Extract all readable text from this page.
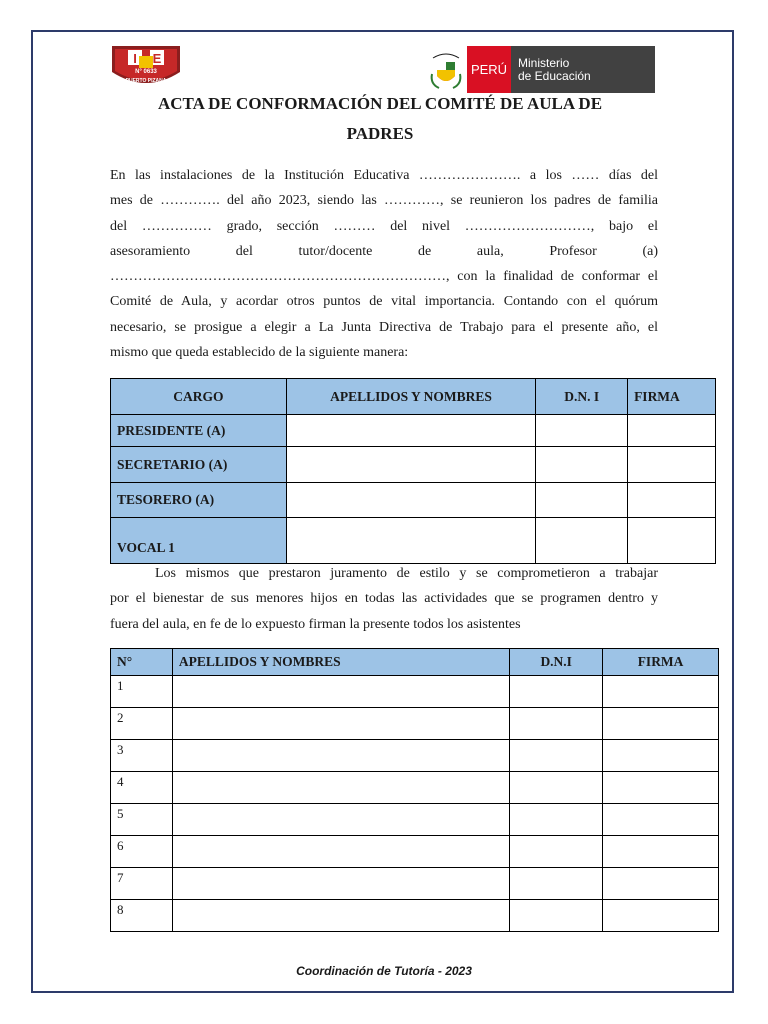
I E
N° 0633
PUERTO PIZANA
PERÚ Ministerio
de Educación
ACTA DE CONFORMACIÓN DEL COMITÉ DE AULA DE
PADRES
En las instalaciones de la Institución Educativa …………………. a los …… días del
mes de …………. del año 2023, siendo las …………, se reunieron los padres de familia
del …………… grado, sección ……… del nivel ………………………, bajo el
asesoramiento del tutor/docente de aula, Profesor (a)
………………………………………………………………, con la finalidad de conformar el
Comité de Aula, y acordar otros puntos de vital importancia. Contando con el quórum
necesario, se prosigue a elegir a La Junta Directiva de Trabajo para el presente año, el
mismo que queda establecido de la siguiente manera:
CARGO	APELLIDOS Y NOMBRES	D.N. I	FIRMA
PRESIDENTE (A)			
SECRETARIO (A)			
TESORERO (A)			
VOCAL 1			
Los mismos que prestaron juramento de estilo y se comprometieron a trabajar
por el bienestar de sus menores hijos en todas las actividades que se programen dentro y
fuera del aula, en fe de lo expuesto firman la presente todos los asistentes
N°	APELLIDOS Y NOMBRES	D.N.I	FIRMA
1			
2			
3			
4			
5			
6			
7			
8			
Coordinación de Tutoría - 2023
